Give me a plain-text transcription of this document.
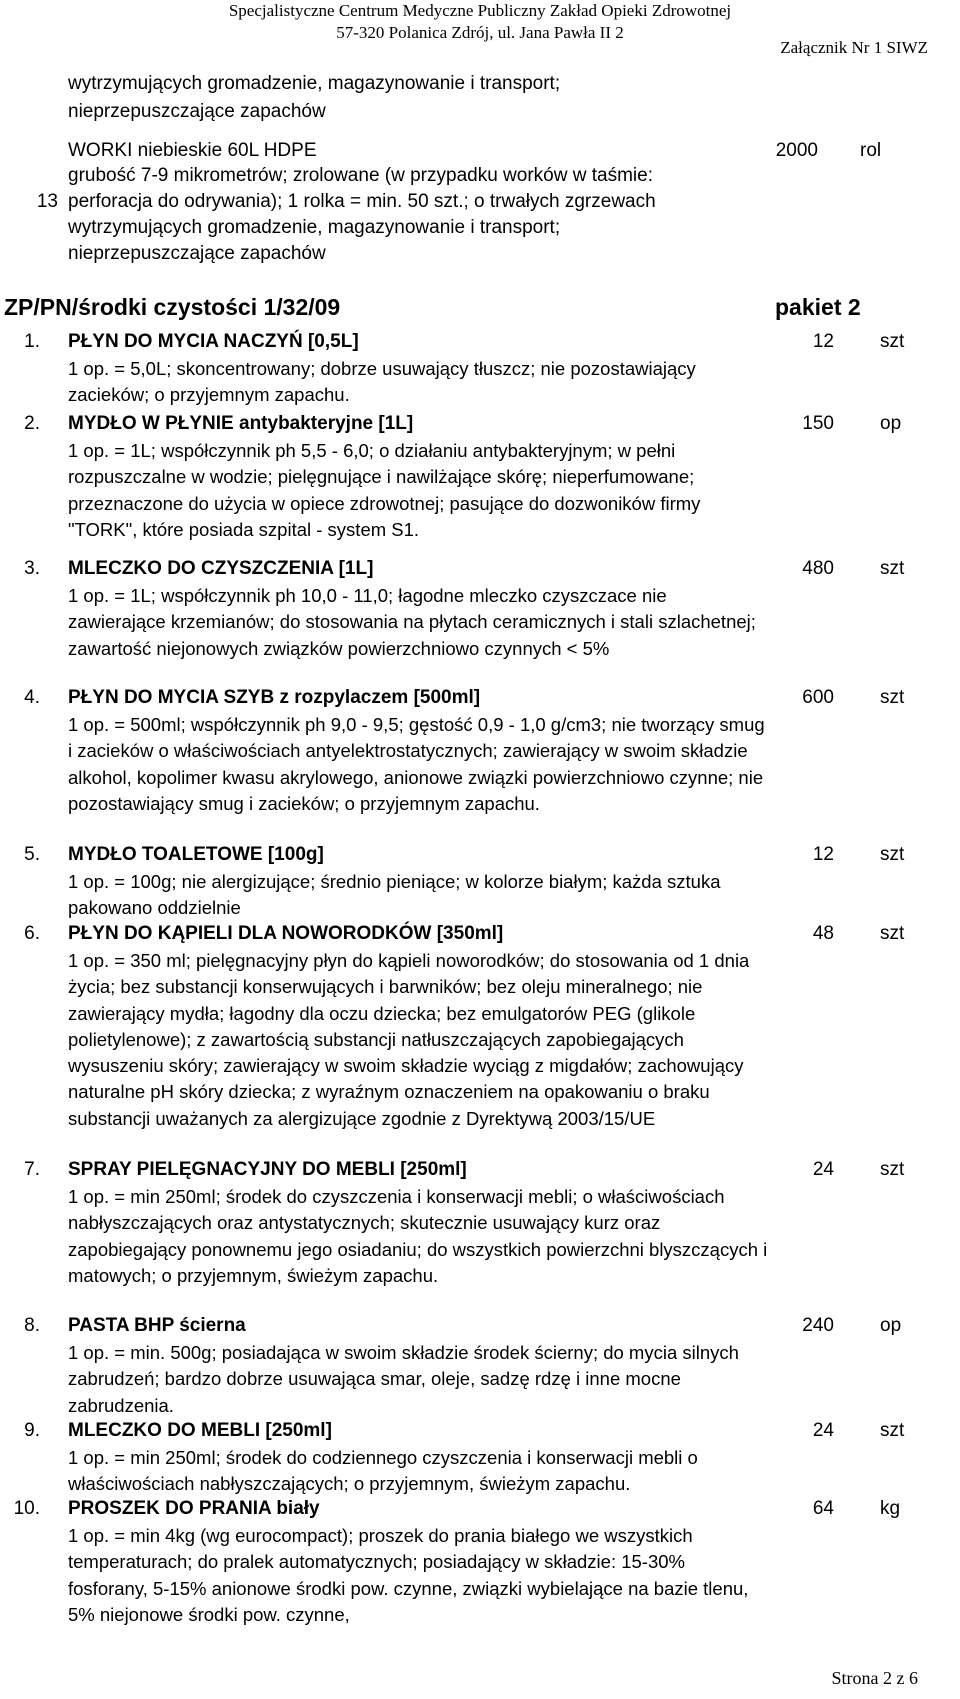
Specjalistyczne Centrum Medyczne Publiczny Zakład Opieki Zdrowotnej
57-320 Polanica Zdrój, ul. Jana Pawła II 2
Załącznik Nr 1 SIWZ
wytrzymujących gromadzenie, magazynowanie i transport;
nieprzepuszczające zapachów
WORKI niebieskie 60L HDPE	2000 rol
grubość 7-9 mikrometrów; zrolowane (w przypadku worków w taśmie:
13 perforacja do odrywania); 1 rolka = min. 50 szt.; o trwałych zgrzewach
wytrzymujących gromadzenie, magazynowanie i transport;
nieprzepuszczające zapachów
ZP/PN/środki czystości 1/32/09	pakiet 2
1. PŁYN DO MYCIA NACZYŃ [0,5L]	12 szt
1 op. = 5,0L; skoncentrowany; dobrze usuwający tłuszcz; nie pozostawiający zacieków; o przyjemnym zapachu.
2. MYDŁO W PŁYNIE antybakteryjne [1L]	150 op
1 op. = 1L; współczynnik ph 5,5 - 6,0; o działaniu antybakteryjnym; w pełni rozpuszczalne w wodzie; pielęgnujące i nawilżające skórę; nieperfumowane; przeznaczone do użycia w opiece zdrowotnej; pasujące do dozwoników firmy "TORK", które posiada szpital - system S1.
3. MLECZKO DO CZYSZCZENIA [1L]	480 szt
1 op. = 1L; współczynnik ph 10,0 - 11,0; łagodne mleczko czyszczace nie zawierające krzemianów; do stosowania na płytach ceramicznych i stali szlachetnej; zawartość niejonowych związków powierzchniowo czynnych < 5%
4. PŁYN DO MYCIA SZYB z rozpylaczem [500ml]	600 szt
1 op. = 500ml; współczynnik ph 9,0 - 9,5; gęstość 0,9 - 1,0 g/cm3; nie tworzący smug i zacieków o właściwościach antyelektrostatycznych; zawierający w swoim składzie alkohol, kopolimer kwasu akrylowego, anionowe związki powierzchniowo czynne; nie pozostawiający smug i zacieków; o przyjemnym zapachu.
5. MYDŁO TOALETOWE [100g]	12 szt
1 op. = 100g; nie alergizujące; średnio pieniące; w kolorze białym; każda sztuka pakowano oddzielnie
6. PŁYN DO KĄPIELI DLA NOWORODKÓW [350ml]	48 szt
1 op. = 350 ml; pielęgnacyjny płyn do kąpieli noworodków; do stosowania od 1 dnia życia; bez substancji konserwujących i barwników; bez oleju mineralnego; nie zawierający mydła; łagodny dla oczu dziecka; bez emulgatorów PEG (glikole polietylenowe); z zawartością substancji natłuszczających zapobiegających wysuszeniu skóry; zawierający w swoim składzie wyciąg z migdałów; zachowujący naturalne pH skóry dziecka; z wyraźnym oznaczeniem na opakowaniu o braku substancji uważanych za alergizujące zgodnie z Dyrektywą 2003/15/UE
7. SPRAY PIELĘGNACYJNY DO MEBLI [250ml]	24 szt
1 op. = min 250ml; środek do czyszczenia i konserwacji mebli; o właściwościach nabłyszczających oraz antystatycznych; skutecznie usuwający kurz oraz zapobiegający ponownemu jego osiadaniu; do wszystkich powierzchni blyszczących i matowych; o przyjemnym, świeżym zapachu.
8. PASTA BHP ścierna	240 op
1 op. = min. 500g; posiadająca w swoim składzie środek ścierny; do mycia silnych zabrudzeń; bardzo dobrze usuwająca smar, oleje, sadzę rdzę i inne mocne zabrudzenia.
9. MLECZKO DO MEBLI [250ml]	24 szt
1 op. = min 250ml; środek do codziennego czyszczenia i konserwacji mebli o właściwościach nabłyszczających; o przyjemnym, świeżym zapachu.
10. PROSZEK DO PRANIA biały	64 kg
1 op. = min 4kg (wg eurocompact); proszek do prania białego we wszystkich temperaturach; do pralek automatycznych; posiadający w składzie: 15-30% fosforany, 5-15% anionowe środki pow. czynne, związki wybielające na bazie tlenu, 5% niejonowe środki pow. czynne,
Strona 2 z 6
